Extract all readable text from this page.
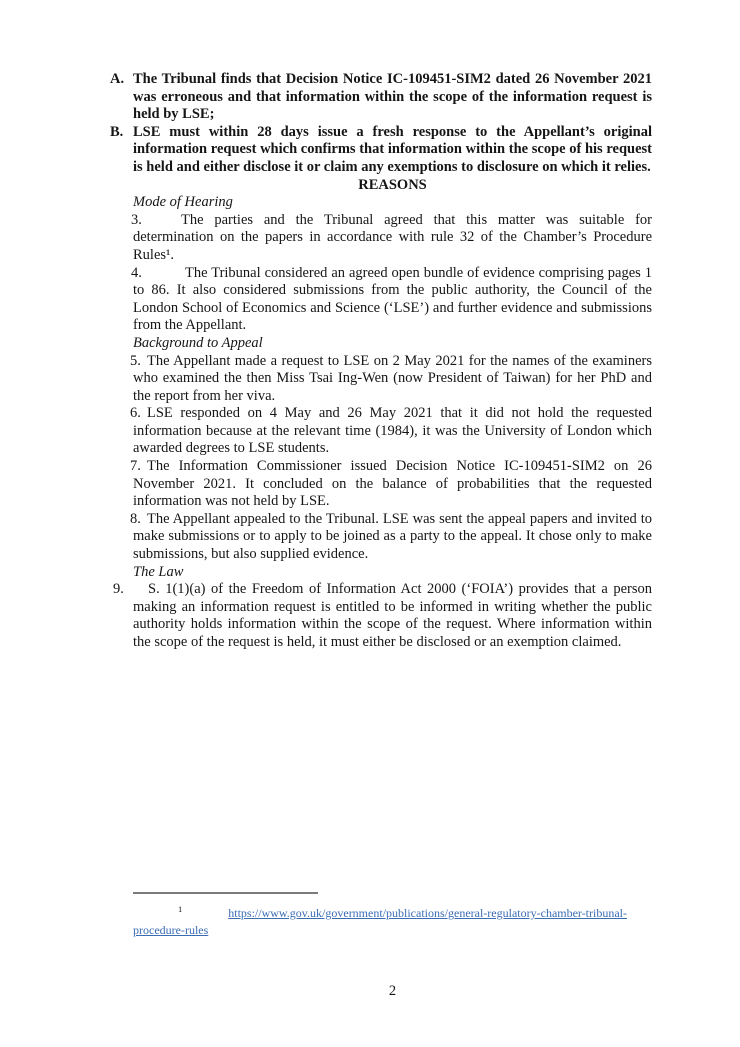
A. The Tribunal finds that Decision Notice IC-109451-SIM2 dated 26 November 2021 was erroneous and that information within the scope of the information request is held by LSE;
B. LSE must within 28 days issue a fresh response to the Appellant’s original information request which confirms that information within the scope of his request is held and either disclose it or claim any exemptions to disclosure on which it relies.
REASONS
Mode of Hearing
3.	The parties and the Tribunal agreed that this matter was suitable for determination on the papers in accordance with rule 32 of the Chamber’s Procedure Rules¹.
4.	The Tribunal considered an agreed open bundle of evidence comprising pages 1 to 86. It also considered submissions from the public authority, the Council of the London School of Economics and Science (‘LSE’) and further evidence and submissions from the Appellant.
Background to Appeal
5. The Appellant made a request to LSE on 2 May 2021 for the names of the examiners who examined the then Miss Tsai Ing-Wen (now President of Taiwan) for her PhD and the report from her viva.
6. LSE responded on 4 May and 26 May 2021 that it did not hold the requested information because at the relevant time (1984), it was the University of London which awarded degrees to LSE students.
7. The Information Commissioner issued Decision Notice IC-109451-SIM2 on 26 November 2021. It concluded on the balance of probabilities that the requested information was not held by LSE.
8. The Appellant appealed to the Tribunal. LSE was sent the appeal papers and invited to make submissions or to apply to be joined as a party to the appeal. It chose only to make submissions, but also supplied evidence.
The Law
9. S. 1(1)(a) of the Freedom of Information Act 2000 (‘FOIA’) provides that a person making an information request is entitled to be informed in writing whether the public authority holds information within the scope of the request. Where information within the scope of the request is held, it must either be disclosed or an exemption claimed.
$^1$	https://www.gov.uk/government/publications/general-regulatory-chamber-tribunal-procedure-rules
2
